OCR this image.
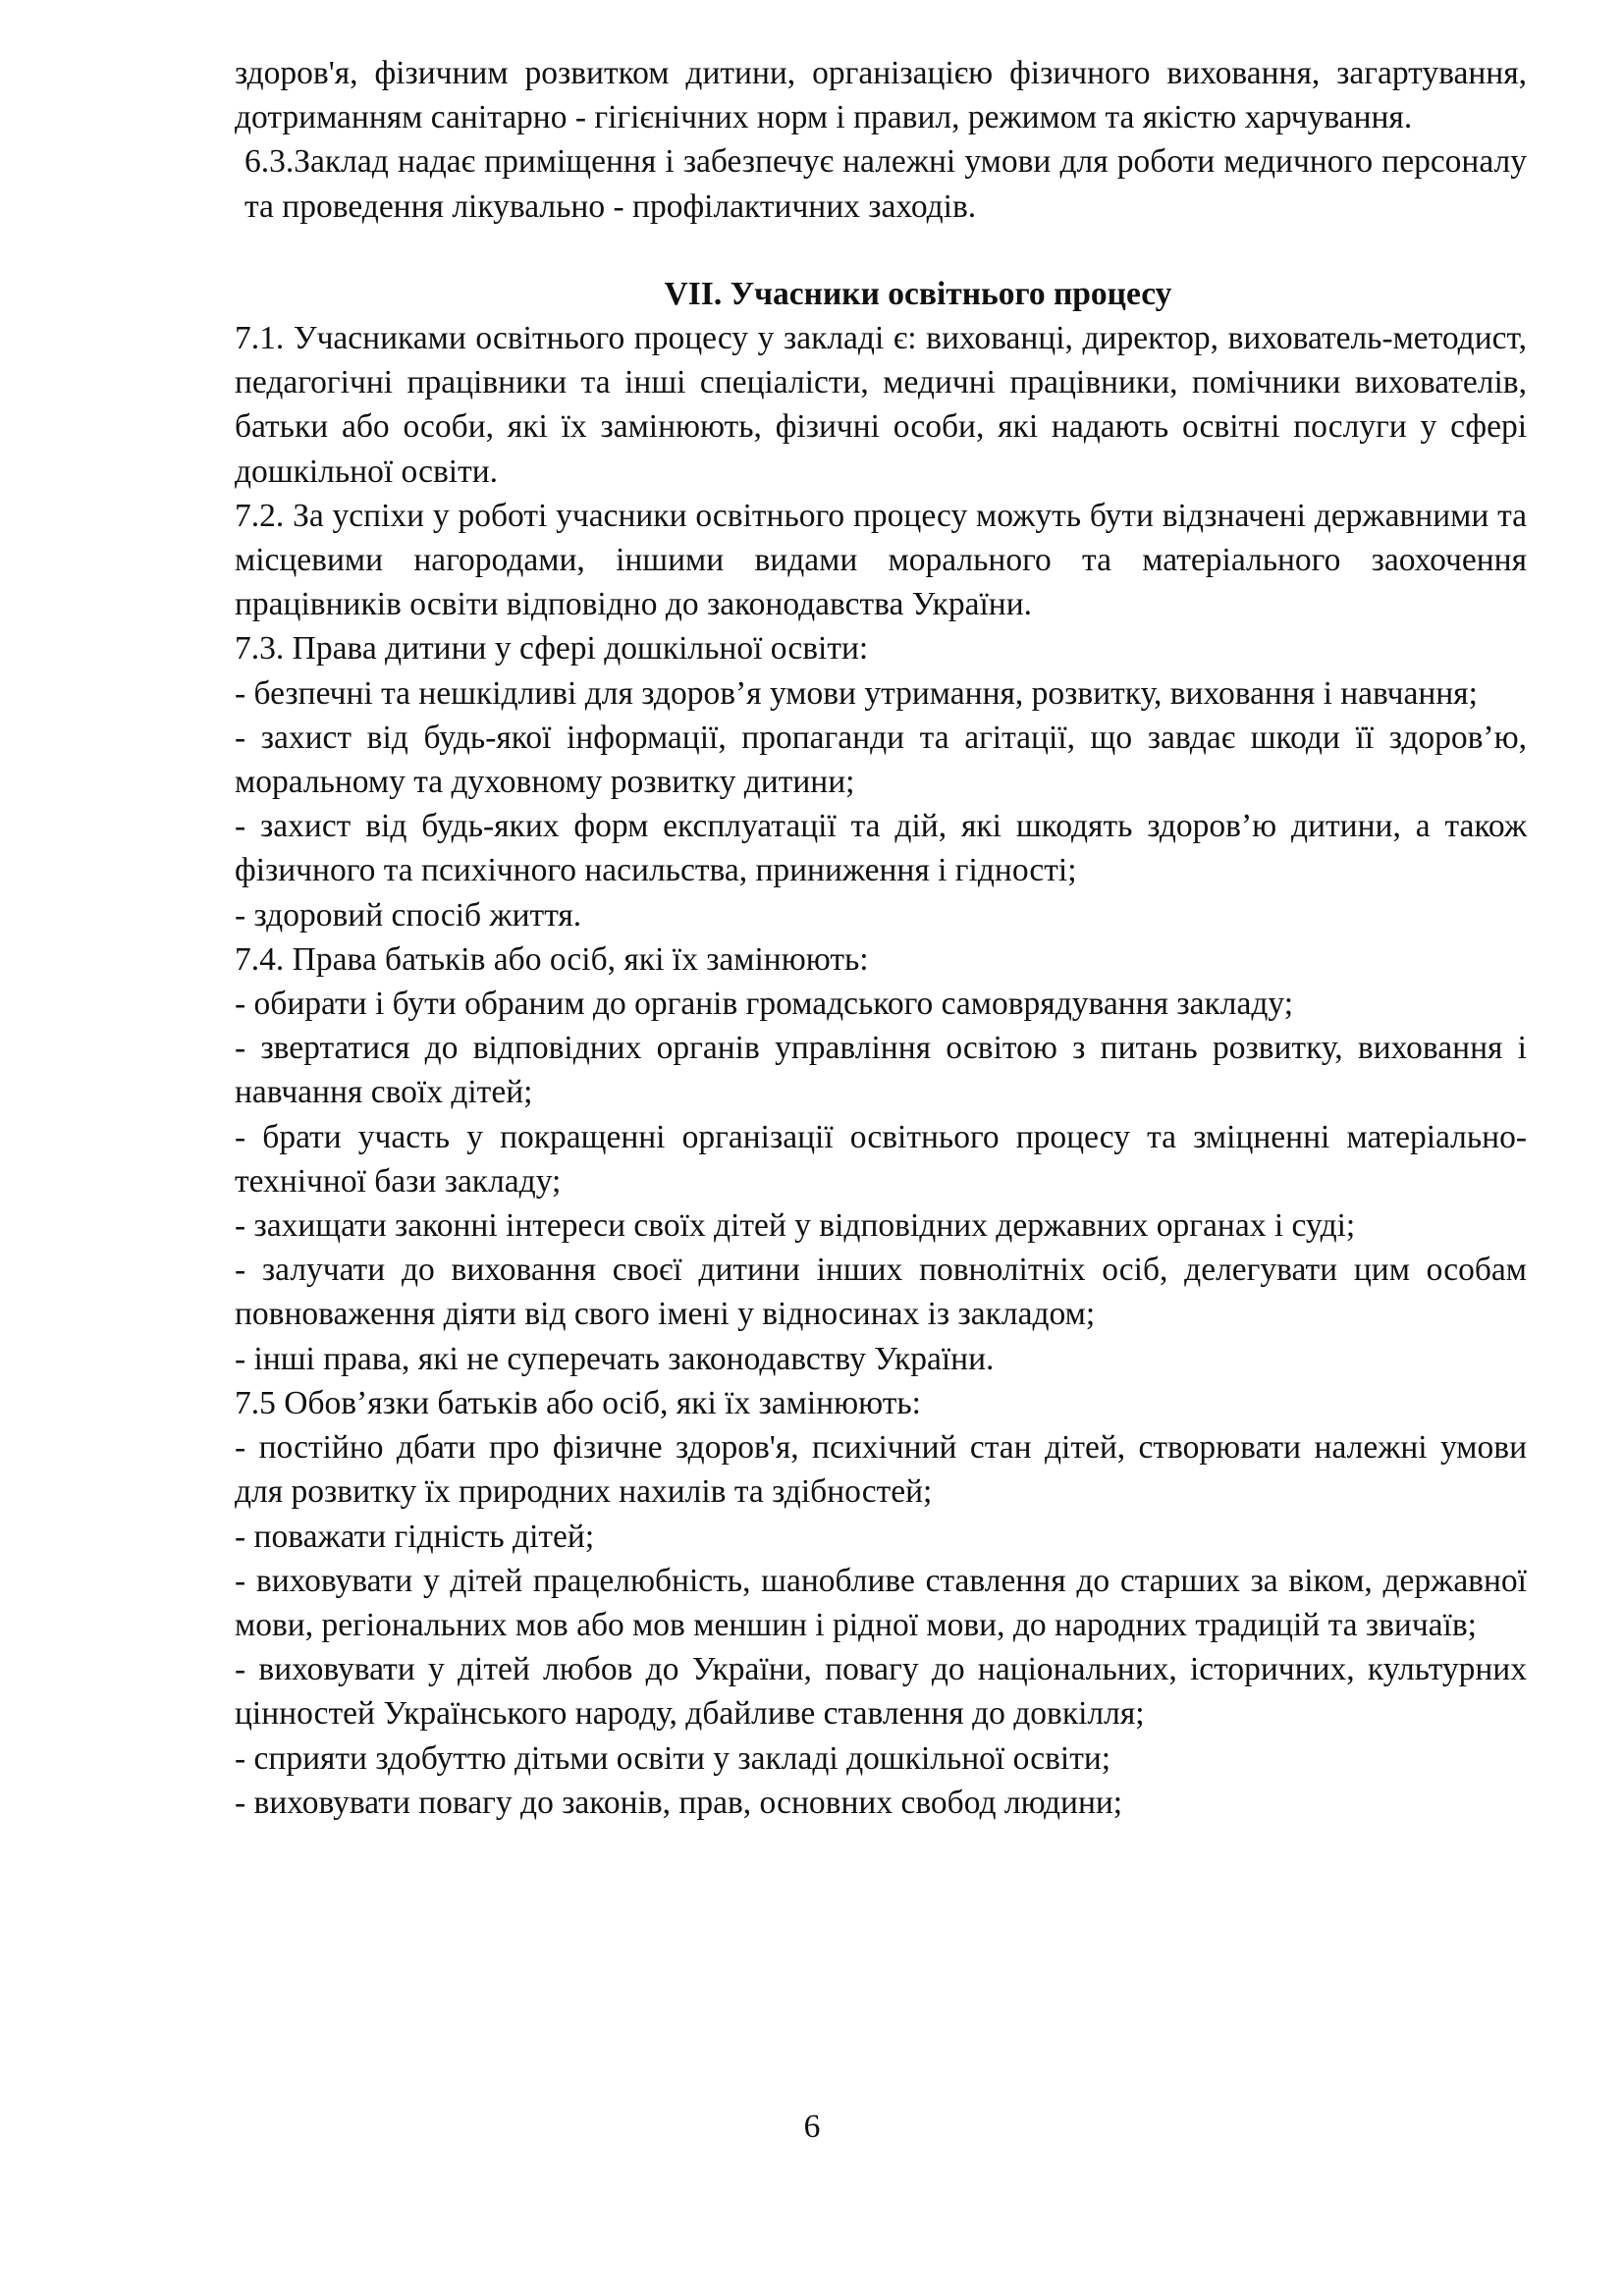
здоров'я, фізичним розвитком дитини, організацією фізичного виховання, загартування, дотриманням санітарно - гігієнічних норм і правил, режимом та якістю харчування.

6.3.Заклад надає приміщення і забезпечує належні умови для роботи медичного персоналу та проведення лікувально - профілактичних заходів.

VII. Учасники освітнього процесу

7.1. Учасниками освітнього процесу у закладі є: вихованці, директор, вихователь-методист, педагогічні працівники та інші спеціалісти, медичні працівники, помічники вихователів, батьки або особи, які їх замінюють, фізичні особи, які надають освітні послуги у сфері дошкільної освіти.

7.2. За успіхи у роботі учасники освітнього процесу можуть бути відзначені державними та місцевими нагородами, іншими видами морального та матеріального заохочення працівників освіти відповідно до законодавства України.

7.3. Права дитини у сфері дошкільної освіти:

- безпечні та нешкідливі для здоров’я умови утримання, розвитку, виховання і навчання;

- захист від будь-якої інформації, пропаганди та агітації, що завдає шкоди її здоров’ю, моральному та духовному розвитку дитини;

- захист від будь-яких форм експлуатації та дій, які шкодять здоров’ю дитини, а також фізичного та психічного насильства, приниження і гідності;

- здоровий спосіб життя.

7.4. Права батьків або осіб, які їх замінюють:

- обирати і бути обраним до органів громадського самоврядування закладу;

- звертатися до відповідних органів управління освітою з питань розвитку, виховання і навчання своїх дітей;

- брати участь у покращенні організації освітнього процесу та зміцненні матеріально-технічної бази закладу;

- захищати законні інтереси своїх дітей у відповідних державних органах і суді;

- залучати до виховання своєї дитини інших повнолітніх осіб, делегувати цим особам повноваження діяти від свого імені у відносинах із закладом;

- інші права, які не суперечать законодавству України.

7.5 Обов’язки батьків або осіб, які їх замінюють:

- постійно дбати про фізичне здоров'я, психічний стан дітей, створювати належні умови для розвитку їх природних нахилів та здібностей;

- поважати гідність дітей;

- виховувати у дітей працелюбність, шанобливе ставлення до старших за віком, державної мови, регіональних мов або мов меншин і рідної мови, до народних традицій та звичаїв;

- виховувати у дітей любов до України, повагу до національних, історичних, культурних цінностей Українського народу, дбайливе ставлення до довкілля;

- сприяти здобуттю дітьми освіти у закладі дошкільної освіти;

- виховувати повагу до законів, прав, основних свобод людини;

6
